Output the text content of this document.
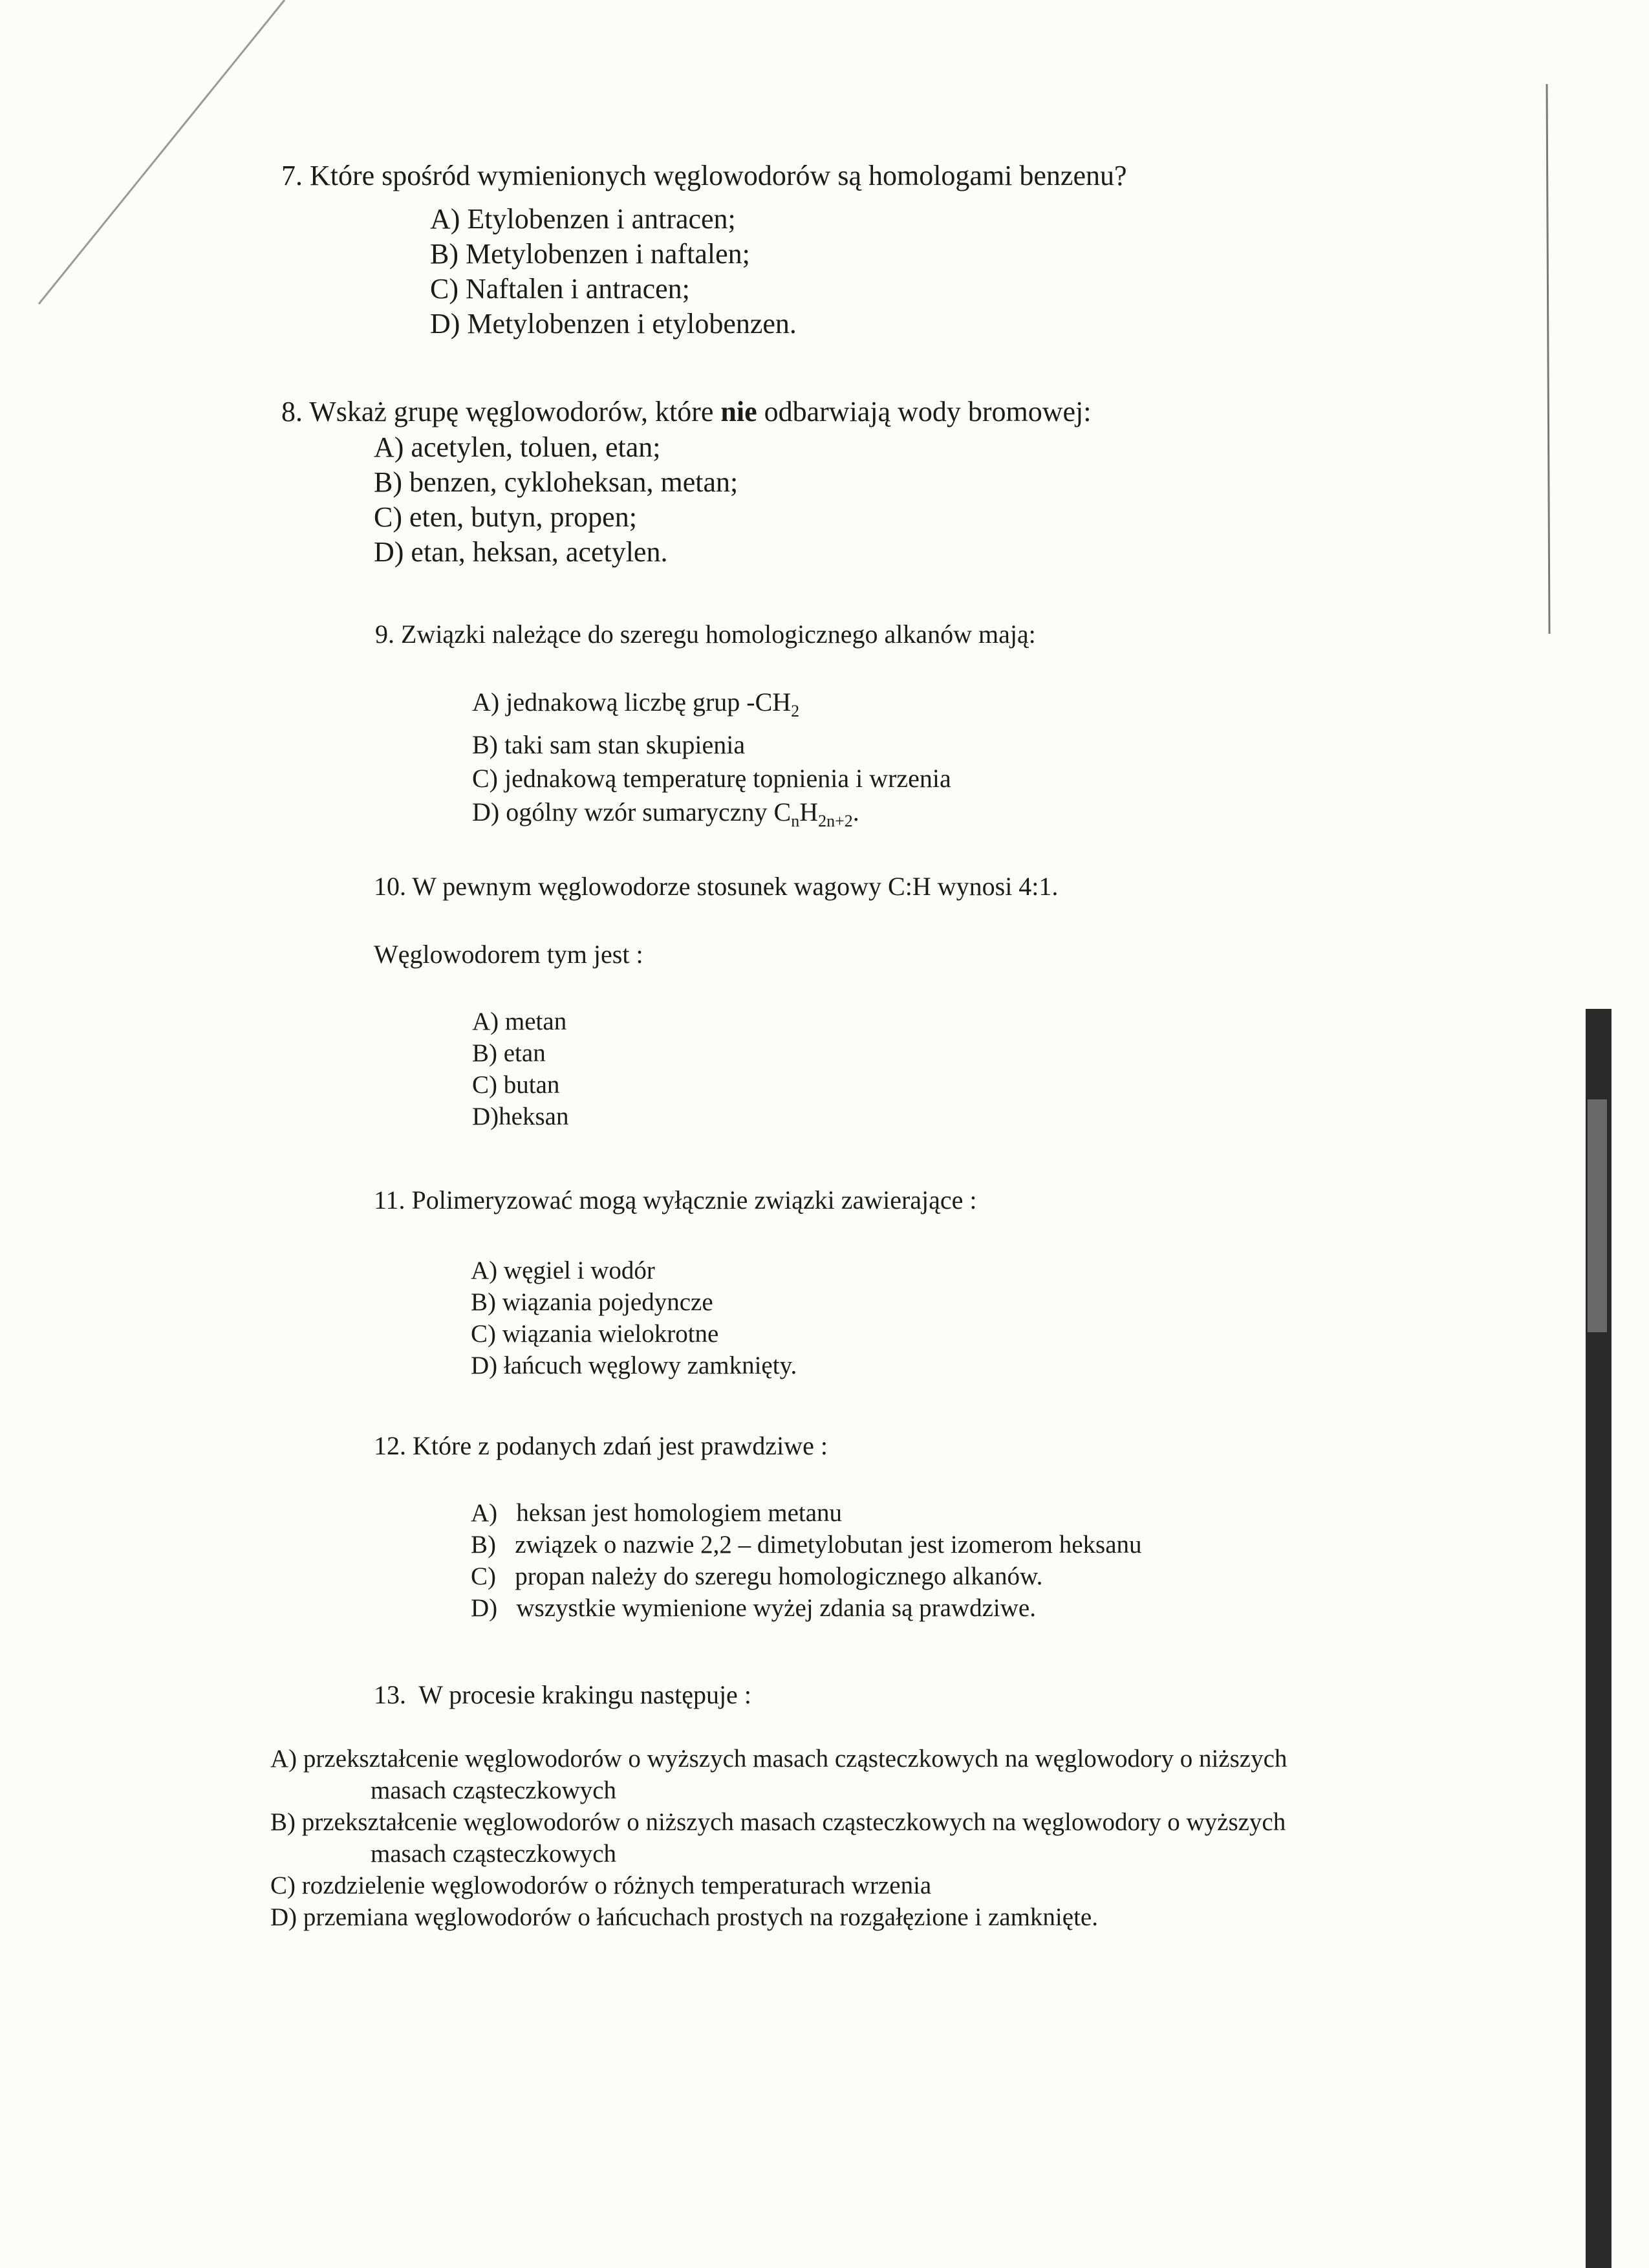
7. Które spośród wymienionych węglowodorów są homologami benzenu?
A) Etylobenzen i antracen;
B) Metylobenzen i naftalen;
C) Naftalen i antracen;
D) Metylobenzen i etylobenzen.
8. Wskaż grupę węglowodorów, które nie odbarwiają wody bromowej:
A) acetylen, toluen, etan;
B) benzen, cykloheksan, metan;
C) eten, butyn, propen;
D) etan, heksan, acetylen.
9. Związki należące do szeregu homologicznego alkanów mają:
A) jednakową liczbę grup $-CH_2$
B) taki sam stan skupienia
C) jednakową temperaturę topnienia i wrzenia
D) ogólny wzór sumaryczny $C_nH_{2n+2}$.
10. W pewnym węglowodorze stosunek wagowy C:H wynosi 4:1.
Węglowodorem tym jest :
A) metan
B) etan
C) butan
D)heksan
11. Polimeryzować mogą wyłącznie związki zawierające :
A) węgiel i wodór
B) wiązania pojedyncze
C) wiązania wielokrotne
D) łańcuch węglowy zamknięty.
12. Które z podanych zdań jest prawdziwe :
A)   heksan jest homologiem metanu
B)   związek o nazwie 2,2 – dimetylobutan jest izomerom heksanu
C)   propan należy do szeregu homologicznego alkanów.
D)   wszystkie wymienione wyżej zdania są prawdziwe.
13.  W procesie krakingu następuje :
A) przekształcenie węglowodorów o wyższych masach cząsteczkowych na węglowodory o niższych
masach cząsteczkowych
B) przekształcenie węglowodorów o niższych masach cząsteczkowych na węglowodory o wyższych
masach cząsteczkowych
C) rozdzielenie węglowodorów o różnych temperaturach wrzenia
D) przemiana węglowodorów o łańcuchach prostych na rozgałęzione i zamknięte.
